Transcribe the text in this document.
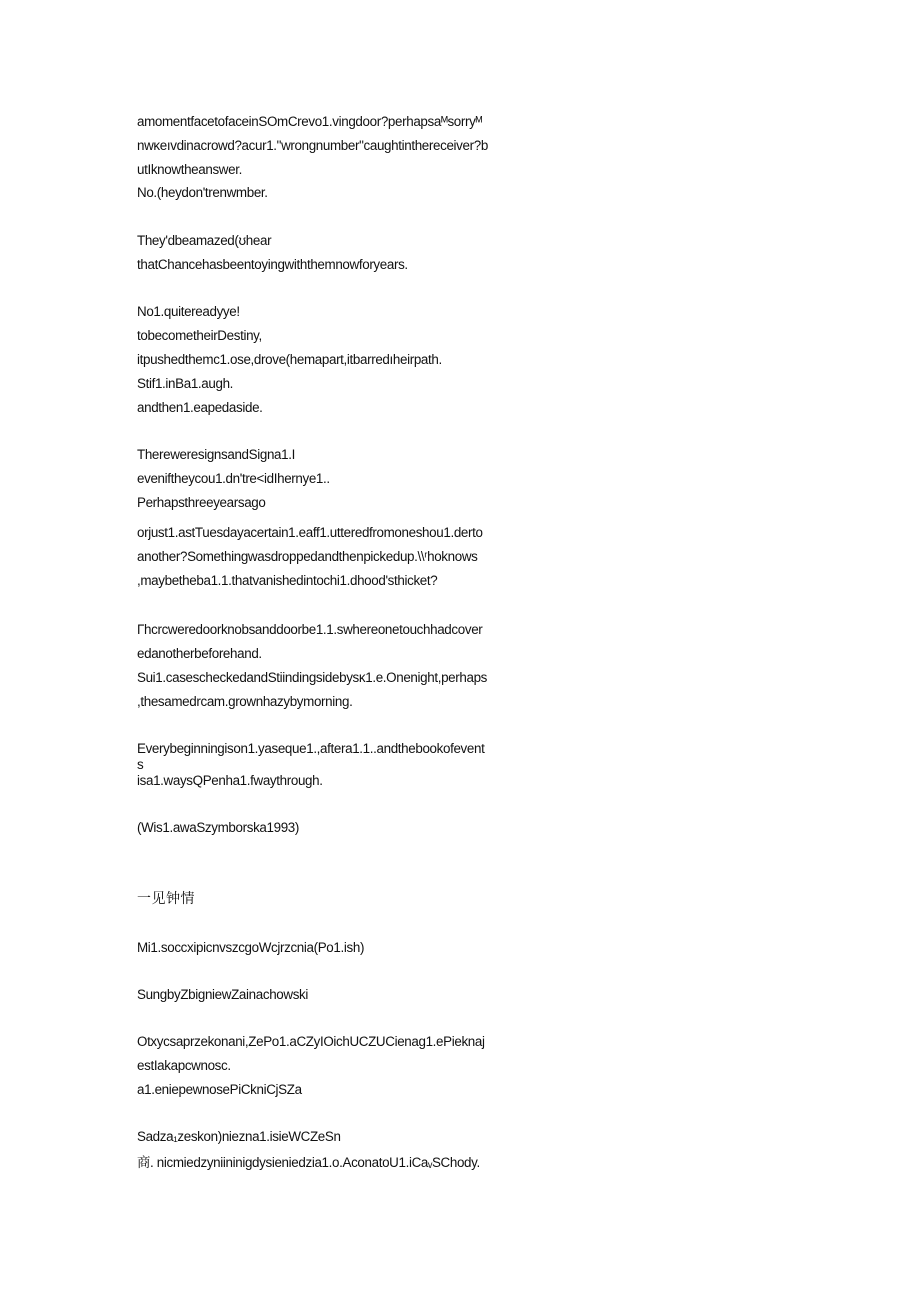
amomentfacetofaceinSOmCrevo1.vingdoor?perhapsaᴹsorryᴹ
nwκeıvdinacrowd?acur1."wrongnumber"caughtinthereceiver?b
utIknowtheanswer.
No.(heydon'trenwmber.
They'dbeamazed(ʊhear
thatChancehasbeentoyingwiththemnowforyears.
No1.quitereadyye!
tobecometheirDestiny,
itpushedthemc1.ose,drove(hemapart,itbarredıheirpath.
Stif1.inBa1.augh.
andthen1.eapedaside.
ThereweresignsandSigna1.I
eveniftheycou1.dn'tre<idIhernye1..
Perhapsthreeyearsago
orjust1.astTuesdayacertain1.eaff1.utteredfromoneshou1.derto
another?Somethingwasdroppedandthenpickedup.\\ʳhoknows
,maybetheba1.1.thatvanishedintochi1.dhood'sthicket?
Γhcrcweredoorknobsanddoorbe1.1.swhereonetouchhadcover
edanotherbeforehand.
Sui1.casescheckedandStiindingsidebysκ1.e.Onenight,perhaps
,thesamedrcam.grownhazybymorning.
Everybeginningison1.yaseque1.,aftera1.1..andthebookofevent
s
isa1.waysQPenha1.fwaythrough.
(Wis1.awaSzymborska1993)
一见钟情
Mi1.soccxipicnvszcgoWcjrzcnia(Po1.ish)
SungbyZbigniewZainachowski
Otxycsaprzekonani,ZePo1.aCZyIOichUCZUCienag1.ePieknaj
estIakapcwnosc.
a1.eniepewnosePiCkniCjSZa
Sadza₁zeskon)niezna1.isieWCZeSn
商. nicmiedzyniininigdysieniedzia1.o.AconatoU1.iCaᵥSChody.
